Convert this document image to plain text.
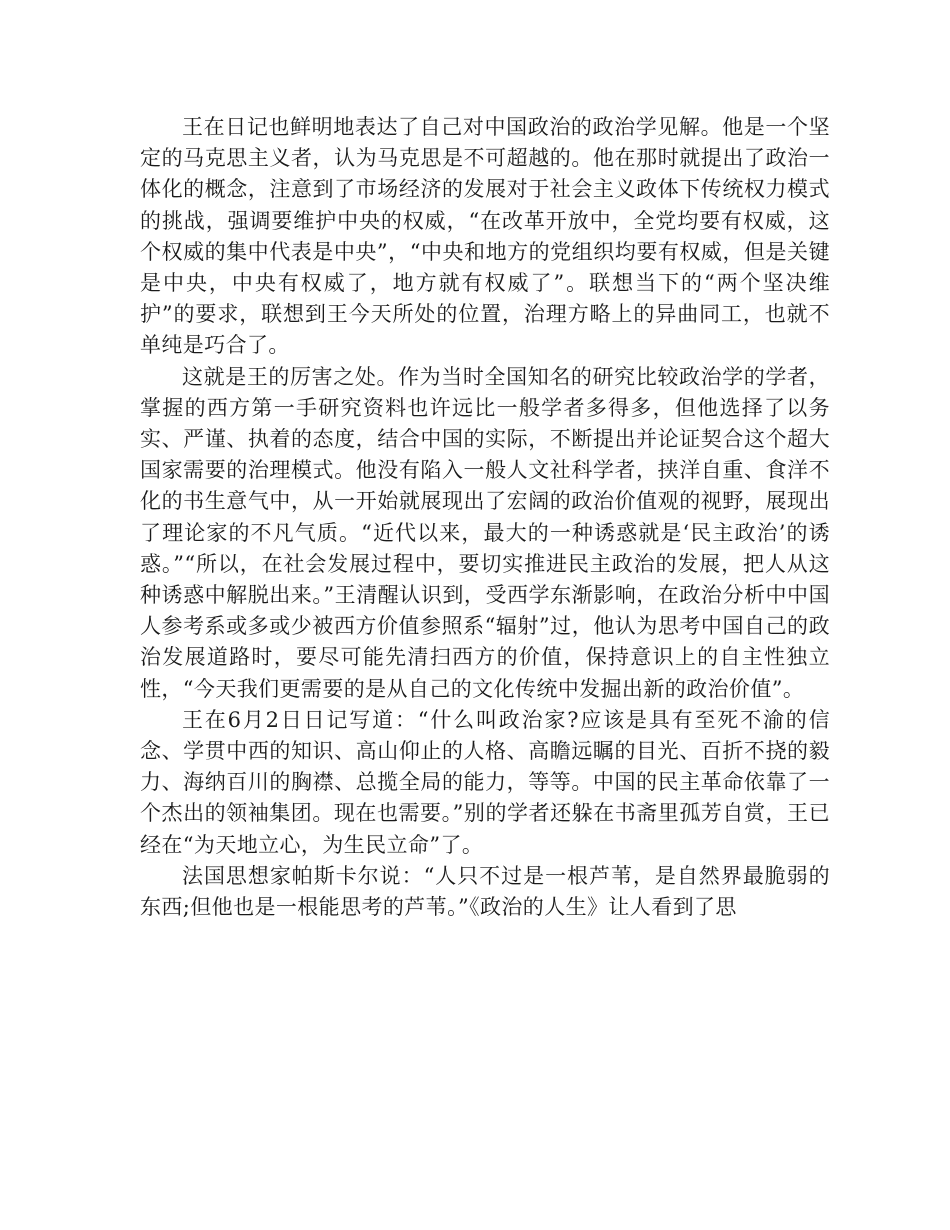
王在日记也鲜明地表达了自己对中国政治的政治学见解。他是一个坚定的马克思主义者，认为马克思是不可超越的。他在那时就提出了政治一体化的概念，注意到了市场经济的发展对于社会主义政体下传统权力模式的挑战，强调要维护中央的权威，“在改革开放中，全党均要有权威，这个权威的集中代表是中央”，“中央和地方的党组织均要有权威，但是关键是中央，中央有权威了，地方就有权威了”。联想当下的“两个坚决维护”的要求，联想到王今天所处的位置，治理方略上的异曲同工，也就不单纯是巧合了。

这就是王的厉害之处。作为当时全国知名的研究比较政治学的学者，掌握的西方第一手研究资料也许远比一般学者多得多，但他选择了以务实、严谨、执着的态度，结合中国的实际，不断提出并论证契合这个超大国家需要的治理模式。他没有陷入一般人文社科学者，挟洋自重、食洋不化的书生意气中，从一开始就展现出了宏阔的政治价值观的视野，展现出了理论家的不凡气质。“近代以来，最大的一种诱惑就是‘民主政治’的诱惑。”“所以，在社会发展过程中，要切实推进民主政治的发展，把人从这种诱惑中解脱出来。”王清醒认识到，受西学东渐影响，在政治分析中中国人参考系或多或少被西方价值参照系“辐射”过，他认为思考中国自己的政治发展道路时，要尽可能先清扫西方的价值，保持意识上的自主性独立性，“今天我们更需要的是从自己的文化传统中发掘出新的政治价值”。

王在6月2日日记写道：“什么叫政治家?应该是具有至死不渝的信念、学贯中西的知识、高山仰止的人格、高瞻远瞩的目光、百折不挠的毅力、海纳百川的胸襟、总揽全局的能力，等等。中国的民主革命依靠了一个杰出的领袖集团。现在也需要。”别的学者还躲在书斋里孤芳自赏，王已经在“为天地立心，为生民立命”了。

法国思想家帕斯卡尔说：“人只不过是一根芦苇，是自然界最脆弱的东西;但他也是一根能思考的芦苇。”《政治的人生》让人看到了思
